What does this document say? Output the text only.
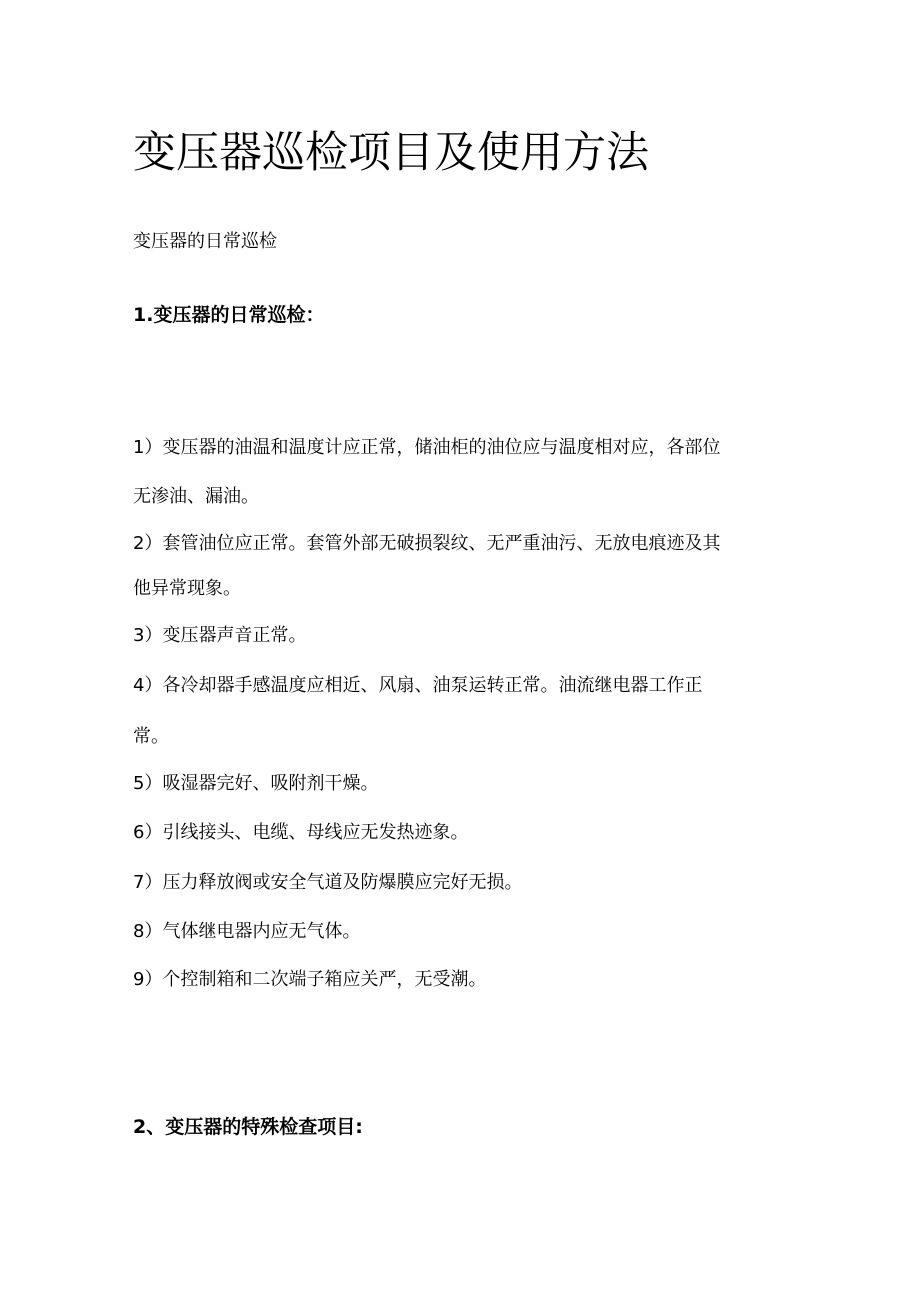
变压器巡检项目及使用方法
变压器的日常巡检
1.变压器的日常巡检：
1）变压器的油温和温度计应正常，储油柜的油位应与温度相对应，各部位
无渗油、漏油。
2）套管油位应正常。套管外部无破损裂纹、无严重油污、无放电痕迹及其
他异常现象。
3）变压器声音正常。
4）各冷却器手感温度应相近、风扇、油泵运转正常。油流继电器工作正
常。
5）吸湿器完好、吸附剂干燥。
6）引线接头、电缆、母线应无发热迹象。
7）压力释放阀或安全气道及防爆膜应完好无损。
8）气体继电器内应无气体。
9）个控制箱和二次端子箱应关严，无受潮。
2、变压器的特殊检查项目:
